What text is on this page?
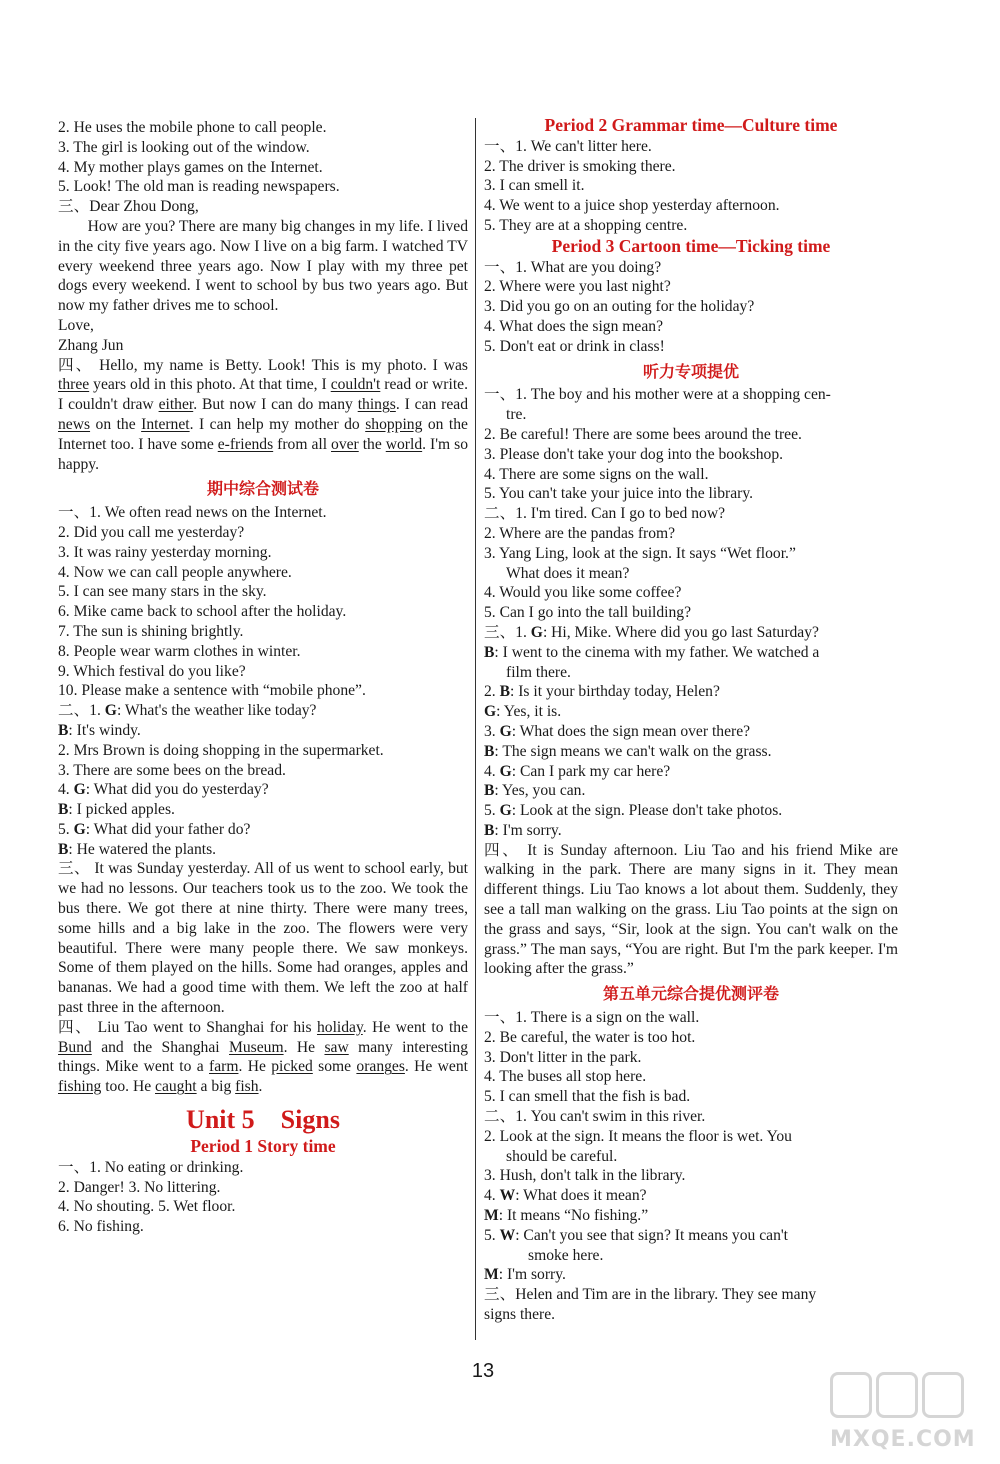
2. He uses the mobile phone to call people.

3. The girl is looking out of the window.

4. My mother plays games on the Internet.

5. Look! The old man is reading newspapers.

三、Dear Zhou Dong,

How are you? There are many big changes in my life. I lived in the city five years ago. Now I live on a big farm. I watched TV every weekend three years ago. Now I play with my three pet dogs every weekend. I went to school by bus two years ago. But now my father drives me to school.

Love,

Zhang Jun

四、 Hello, my name is Betty. Look! This is my photo. I was three years old in this photo. At that time, I couldn't read or write. I couldn't draw either. But now I can do many things. I can read news on the Internet. I can help my mother do shopping on the Internet too. I have some e-friends from all over the world. I'm so happy.

期中综合测试卷

一、1. We often read news on the Internet.

2. Did you call me yesterday?

3. It was rainy yesterday morning.

4. Now we can call people anywhere.

5. I can see many stars in the sky.

6. Mike came back to school after the holiday.

7. The sun is shining brightly.

8. People wear warm clothes in winter.

9. Which festival do you like?

10. Please make a sentence with “mobile phone”.

二、1. G: What's the weather like today?

B: It's windy.

2. Mrs Brown is doing shopping in the supermarket.

3. There are some bees on the bread.

4. G: What did you do yesterday?

B: I picked apples.

5. G: What did your father do?

B: He watered the plants.

三、 It was Sunday yesterday. All of us went to school early, but we had no lessons. Our teachers took us to the zoo. We took the bus there. We got there at nine thirty. There were many trees, some hills and a big lake in the zoo. The flowers were very beautiful. There were many people there. We saw monkeys. Some of them played on the hills. Some had oranges, apples and bananas. We had a good time with them. We left the zoo at half past three in the afternoon.

四、 Liu Tao went to Shanghai for his holiday. He went to the Bund and the Shanghai Museum. He saw many interesting things. Mike went to a farm. He picked some oranges. He went fishing too. He caught a big fish.

Unit 5 Signs
Period 1 Story time

一、1. No eating or drinking.

2. Danger! 3. No littering.

4. No shouting. 5. Wet floor.

6. No fishing.

Period 2 Grammar time—Culture time

一、1. We can't litter here.

2. The driver is smoking there.

3. I can smell it.

4. We went to a juice shop yesterday afternoon.

5. They are at a shopping centre.

Period 3 Cartoon time—Ticking time

一、1. What are you doing?

2. Where were you last night?

3. Did you go on an outing for the holiday?

4. What does the sign mean?

5. Don't eat or drink in class!

听力专项提优

一、1. The boy and his mother were at a shopping cen-

tre.

2. Be careful! There are some bees around the tree.

3. Please don't take your dog into the bookshop.

4. There are some signs on the wall.

5. You can't take your juice into the library.

二、1. I'm tired. Can I go to bed now?

2. Where are the pandas from?

3. Yang Ling, look at the sign. It says “Wet floor.”

What does it mean?

4. Would you like some coffee?

5. Can I go into the tall building?

三、1. G: Hi, Mike. Where did you go last Saturday?

B: I went to the cinema with my father. We watched a

film there.

2. B: Is it your birthday today, Helen?

G: Yes, it is.

3. G: What does the sign mean over there?

B: The sign means we can't walk on the grass.

4. G: Can I park my car here?

B: Yes, you can.

5. G: Look at the sign. Please don't take photos.

B: I'm sorry.

四、 It is Sunday afternoon. Liu Tao and his friend Mike are walking in the park. There are many signs in it. They mean different things. Liu Tao knows a lot about them. Suddenly, they see a tall man walking on the grass. Liu Tao points at the sign on the grass and says, “Sir, look at the sign. You can't walk on the grass.” The man says, “You are right. But I'm the park keeper. I'm looking after the grass.”

第五单元综合提优测评卷

一、1. There is a sign on the wall.

2. Be careful, the water is too hot.

3. Don't litter in the park.

4. The buses all stop here.

5. I can smell that the fish is bad.

二、1. You can't swim in this river.

2. Look at the sign. It means the floor is wet. You

should be careful.

3. Hush, don't talk in the library.

4. W: What does it mean?

M: It means “No fishing.”

5. W: Can't you see that sign? It means you can't

smoke here.

M: I'm sorry.

三、Helen and Tim are in the library. They see many

signs there.

13
MXQE.COM
